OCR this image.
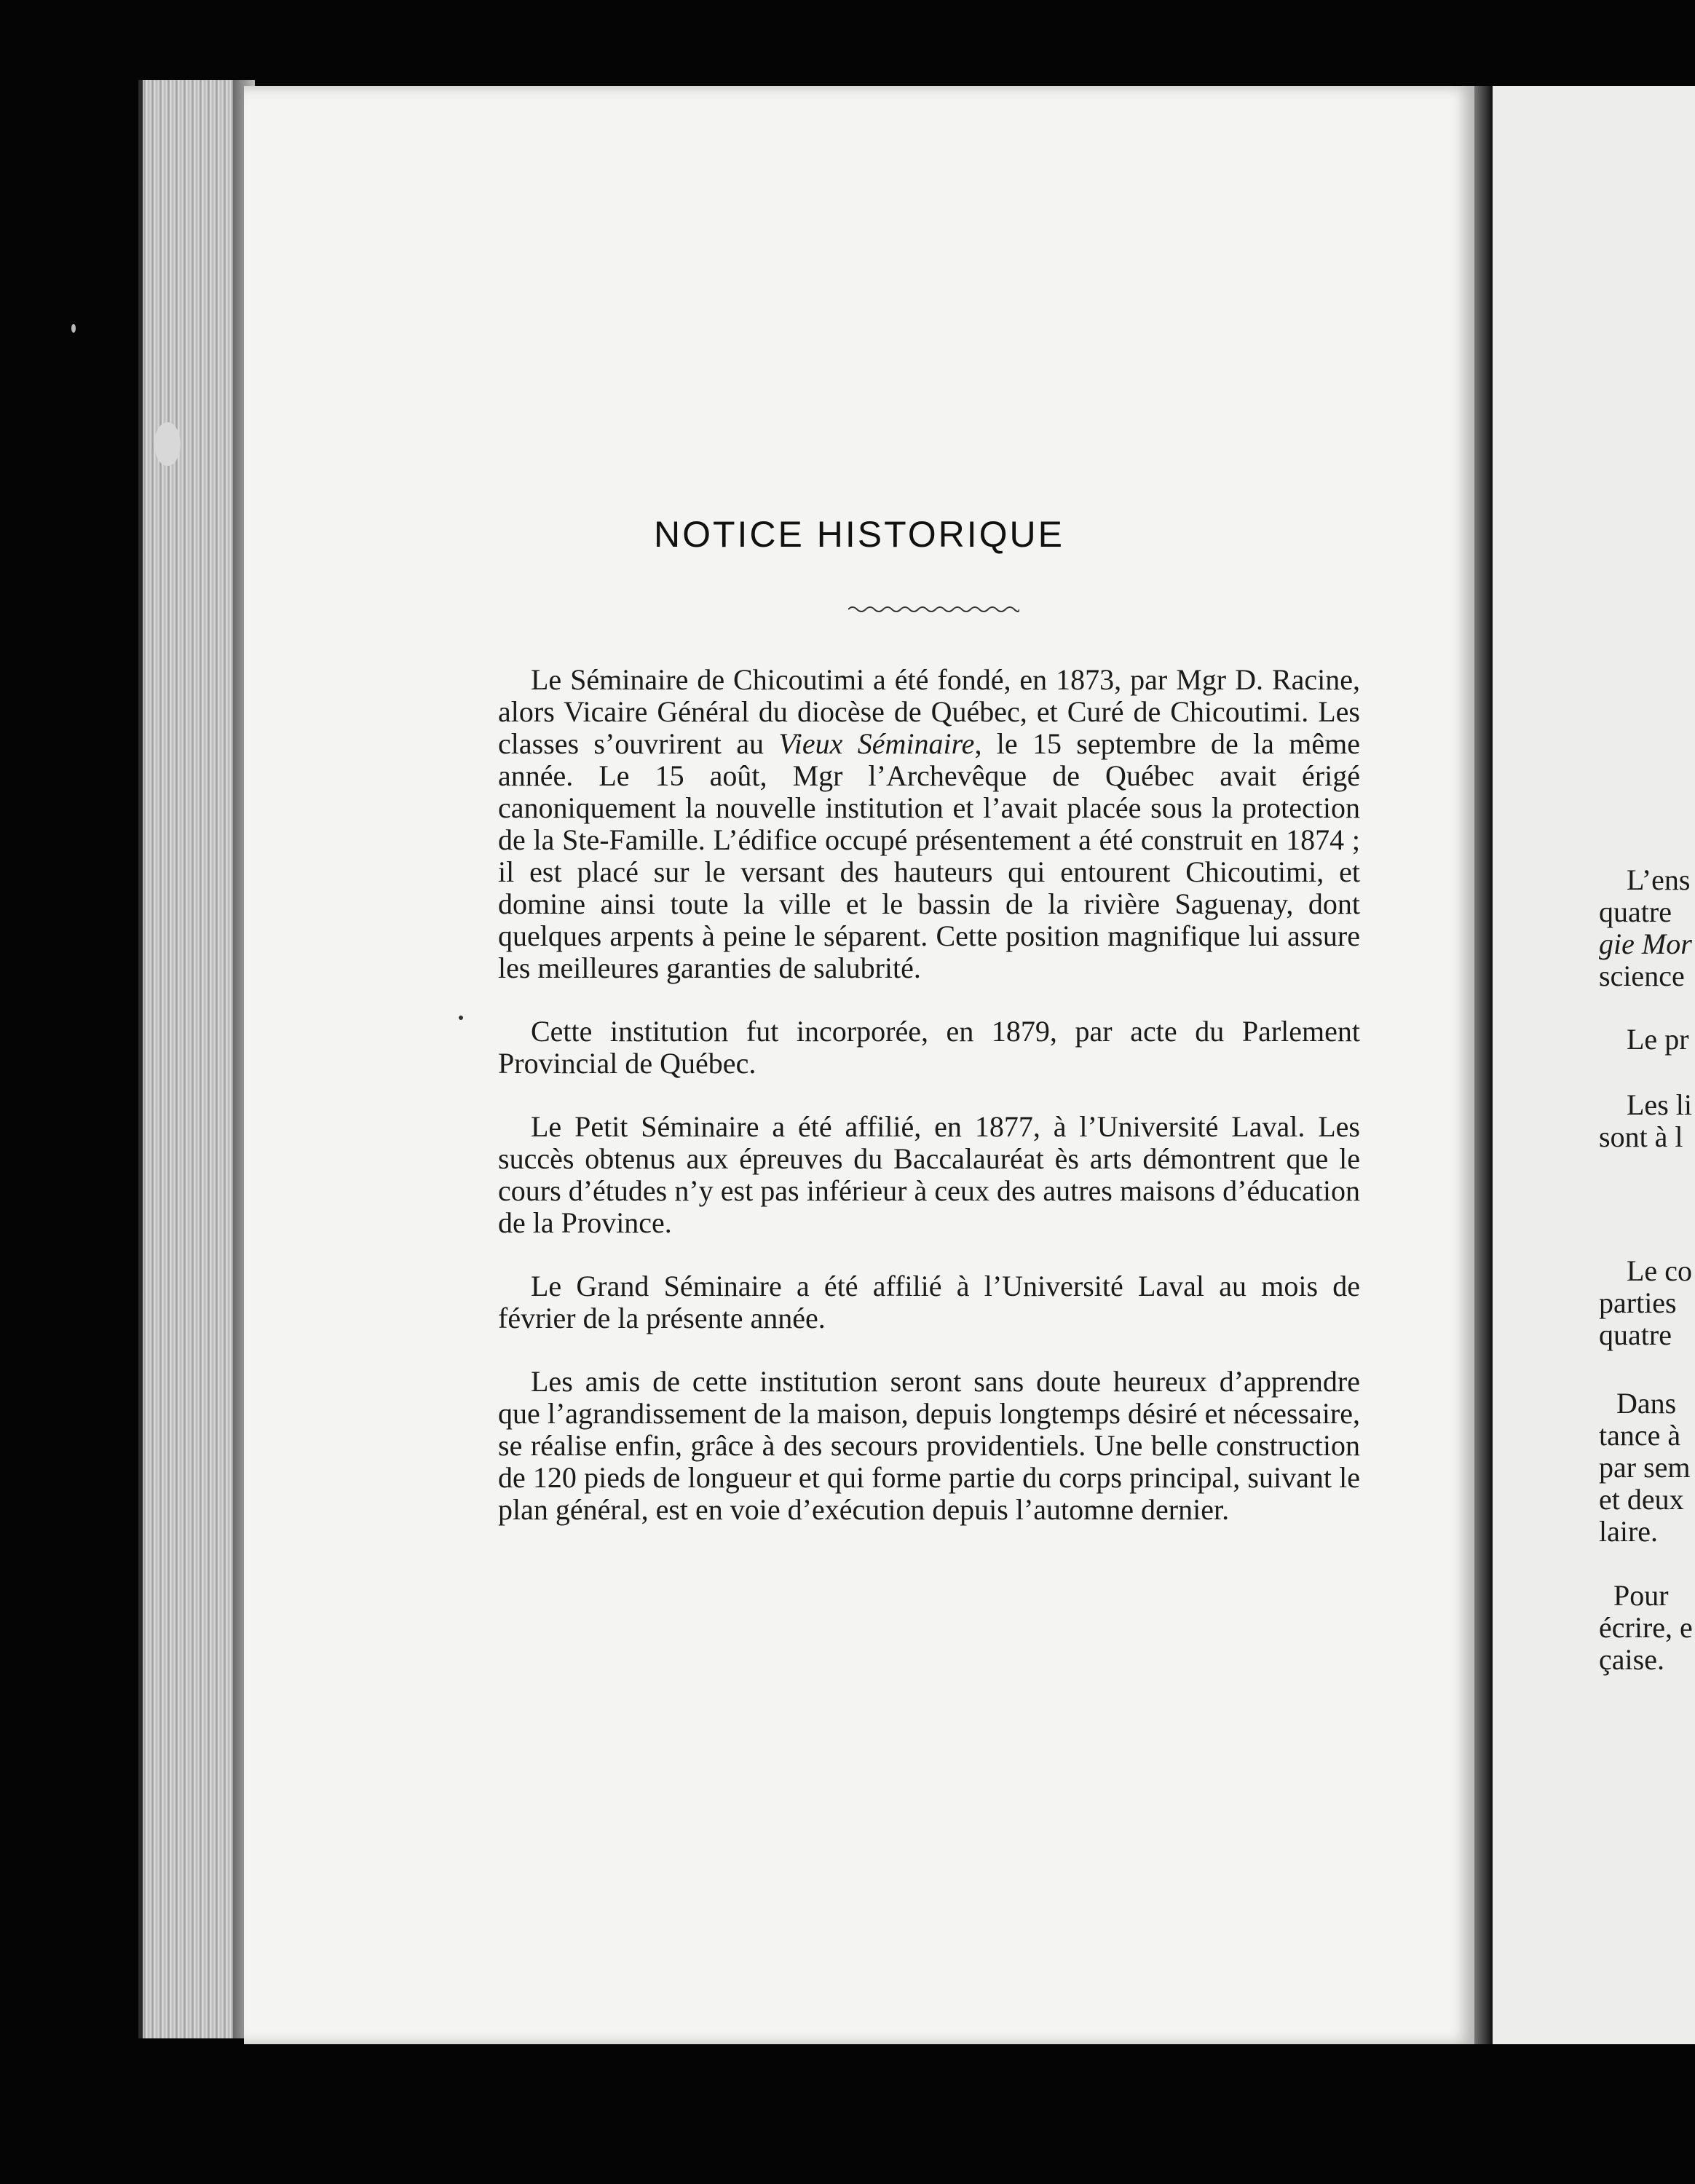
NOTICE HISTORIQUE

Le Séminaire de Chicoutimi a été fondé, en 1873, par Mgr D. Racine, alors Vicaire Général du diocèse de Québec, et Curé de Chicoutimi. Les classes s’ouvrirent au Vieux Séminaire, le 15 septembre de la même année. Le 15 août, Mgr l’Archevêque de Québec avait érigé canoniquement la nouvelle institution et l’avait placée sous la protection de la Ste-Famille. L’édifice occupé présentement a été construit en 1874 ; il est placé sur le versant des hauteurs qui entourent Chicoutimi, et domine ainsi toute la ville et le bassin de la rivière Saguenay, dont quelques arpents à peine le séparent. Cette position magnifique lui assure les meilleures garanties de salubrité.

Cette institution fut incorporée, en 1879, par acte du Parlement Provincial de Québec.

Le Petit Séminaire a été affilié, en 1877, à l’Université Laval. Les succès obtenus aux épreuves du Baccalauréat ès arts démontrent que le cours d’études n’y est pas inférieur à ceux des autres maisons d’éducation de la Province.

Le Grand Séminaire a été affilié à l’Université Laval au mois de février de la présente année.

Les amis de cette institution seront sans doute heureux d’apprendre que l’agrandissement de la maison, depuis longtemps désiré et nécessaire, se réalise enfin, grâce à des secours providentiels. Une belle construction de 120 pieds de longueur et qui forme partie du corps principal, suivant le plan général, est en voie d’exécution depuis l’automne dernier.

L’ens
quatre
gie Mor
science
Le pr
Les li
sont à l
Le co
parties
quatre
Dans
tance à
par sem
et deux
laire.
Pour
écrire, e
çaise.
